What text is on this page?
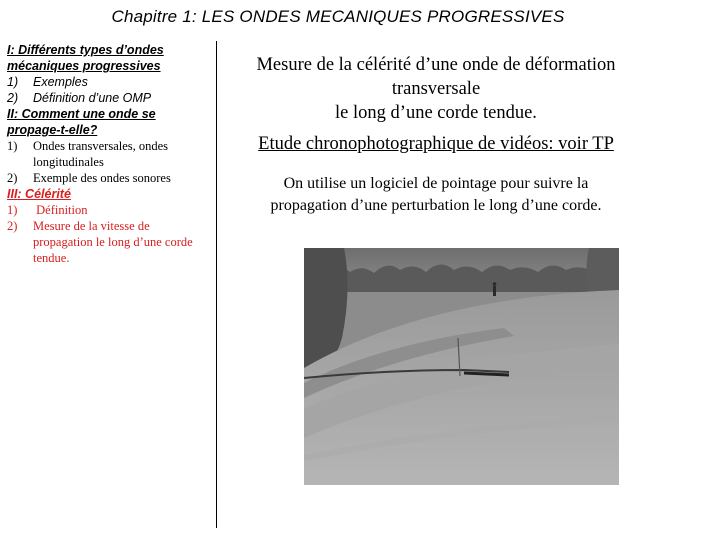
Chapitre 1: LES ONDES MECANIQUES PROGRESSIVES
I: Différents types d’ondes mécaniques progressives
1)	Exemples
2)	Définition d’une OMP
II: Comment une onde se propage-t-elle?
1)	Ondes transversales, ondes longitudinales
2)	Exemple des ondes sonores
III: Célérité
1)	Définition
2)	Mesure de la vitesse de propagation le long d’une corde tendue.
Mesure de la célérité d’une onde de déformation
transversale
le long d’une corde tendue.
Etude chronophotographique de vidéos: voir TP
On utilise un logiciel de pointage pour suivre la
propagation d’une perturbation le long d’une corde.
